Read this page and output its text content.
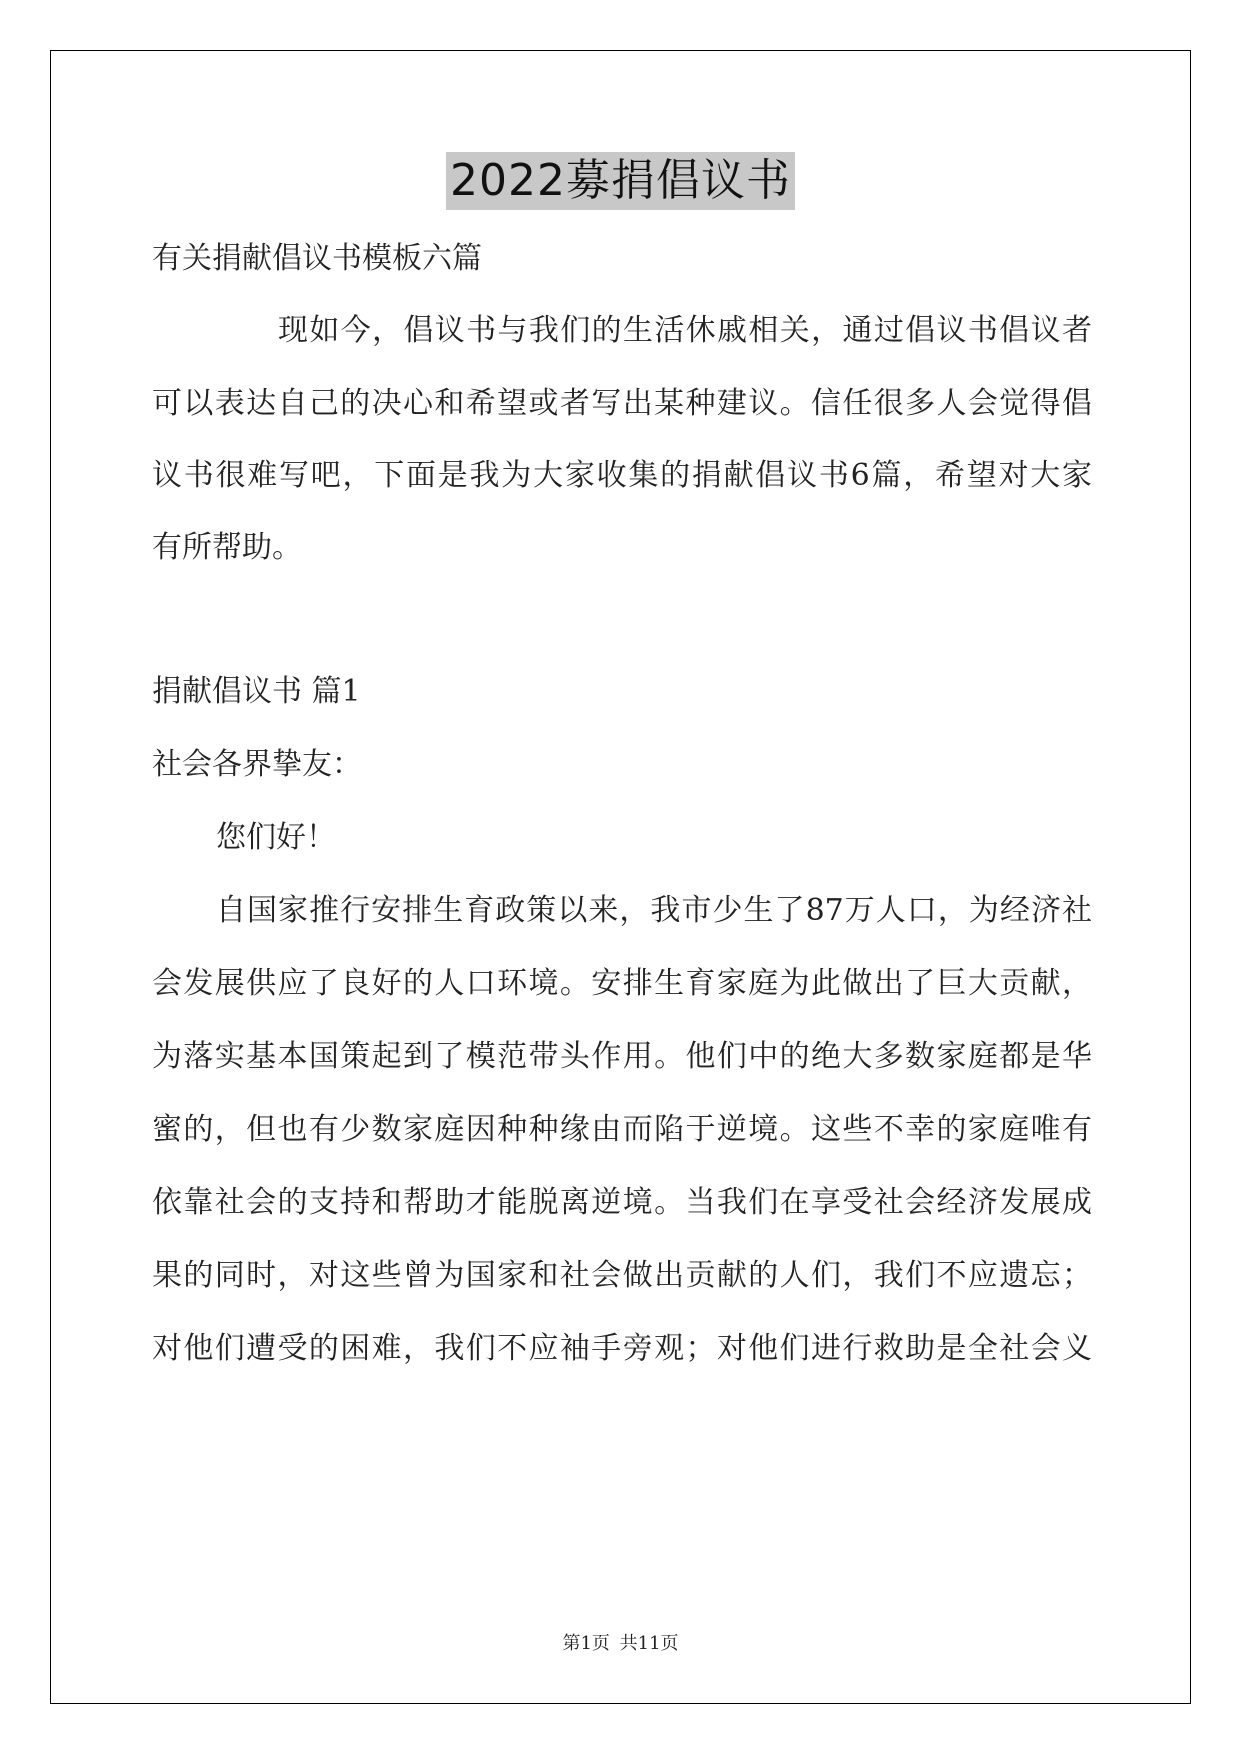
2022募捐倡议书
有关捐献倡议书模板六篇
现如今，倡议书与我们的生活休戚相关，通过倡议书倡议者
可以表达自己的决心和希望或者写出某种建议。信任很多人会觉得倡
议书很难写吧，下面是我为大家收集的捐献倡议书6篇，希望对大家
有所帮助。
捐献倡议书 篇1
社会各界挚友：
您们好！
自国家推行安排生育政策以来，我市少生了87万人口，为经济社
会发展供应了良好的人口环境。安排生育家庭为此做出了巨大贡献，
为落实基本国策起到了模范带头作用。他们中的绝大多数家庭都是华
蜜的，但也有少数家庭因种种缘由而陷于逆境。这些不幸的家庭唯有
依靠社会的支持和帮助才能脱离逆境。当我们在享受社会经济发展成
果的同时，对这些曾为国家和社会做出贡献的人们，我们不应遗忘；
对他们遭受的困难，我们不应袖手旁观；对他们进行救助是全社会义
第1页 共11页
